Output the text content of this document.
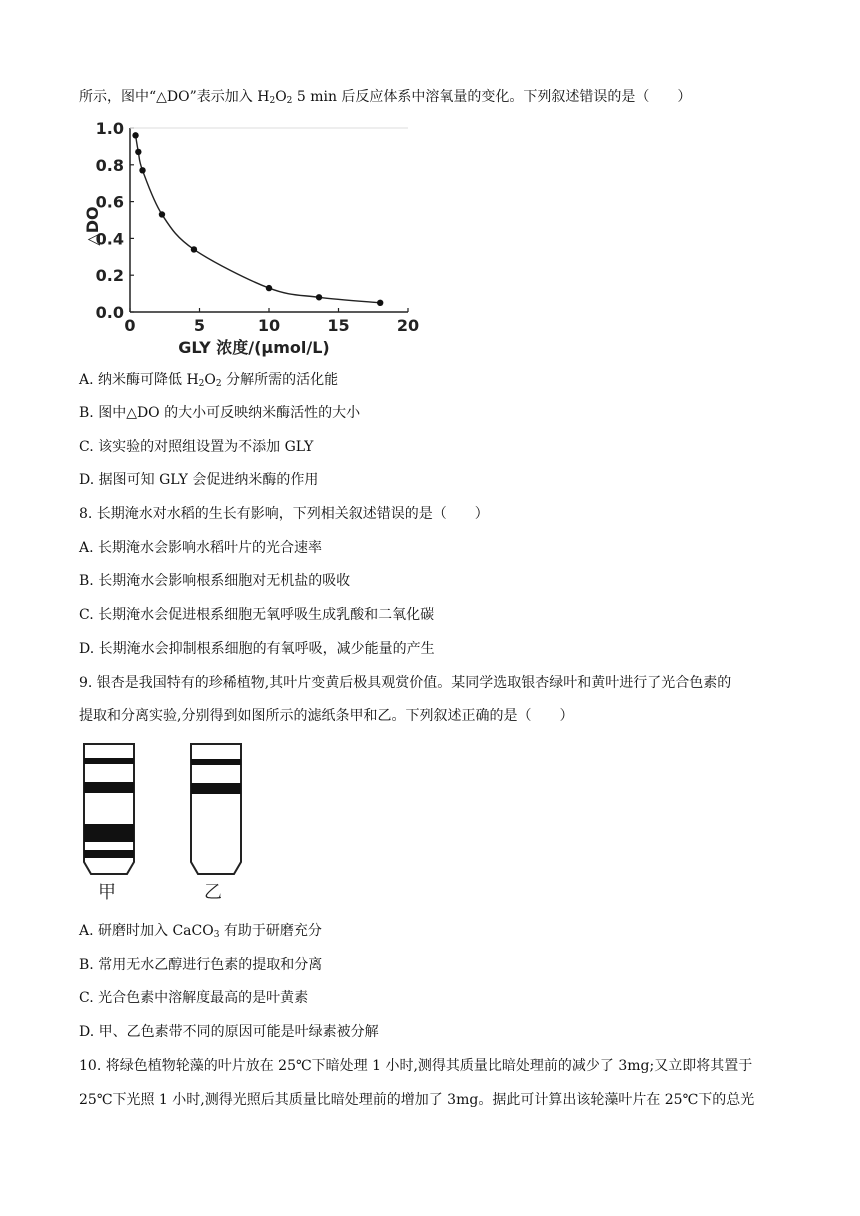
所示，图中“△DO”表示加入 $H_2O_2$ 5 min 后反应体系中溶氧量的变化。下列叙述错误的是（　　）
0.0
0.2
0.4
0.6
0.8
1.0
0	5	10	15	20
△DO
GLY 浓度/(μmol/L)
A. 纳米酶可降低 $H_2O_2$ 分解所需的活化能
B. 图中△DO 的大小可反映纳米酶活性的大小
C. 该实验的对照组设置为不添加 GLY
D. 据图可知 GLY 会促进纳米酶的作用
8. 长期淹水对水稻的生长有影响，下列相关叙述错误的是（　　）
A. 长期淹水会影响水稻叶片的光合速率
B. 长期淹水会影响根系细胞对无机盐的吸收
C. 长期淹水会促进根系细胞无氧呼吸生成乳酸和二氧化碳
D. 长期淹水会抑制根系细胞的有氧呼吸，减少能量的产生
9. 银杏是我国特有的珍稀植物,其叶片变黄后极具观赏价值。某同学选取银杏绿叶和黄叶进行了光合色素的
提取和分离实验,分别得到如图所示的滤纸条甲和乙。下列叙述正确的是（　　）
甲	乙
A. 研磨时加入 CaCO$_3$ 有助于研磨充分
B. 常用无水乙醇进行色素的提取和分离
C. 光合色素中溶解度最高的是叶黄素
D. 甲、乙色素带不同的原因可能是叶绿素被分解
10. 将绿色植物轮藻的叶片放在 25℃下暗处理 1 小时,测得其质量比暗处理前的减少了 3mg;又立即将其置于
25℃下光照 1 小时,测得光照后其质量比暗处理前的增加了 3mg。据此可计算出该轮藻叶片在 25℃下的总光
